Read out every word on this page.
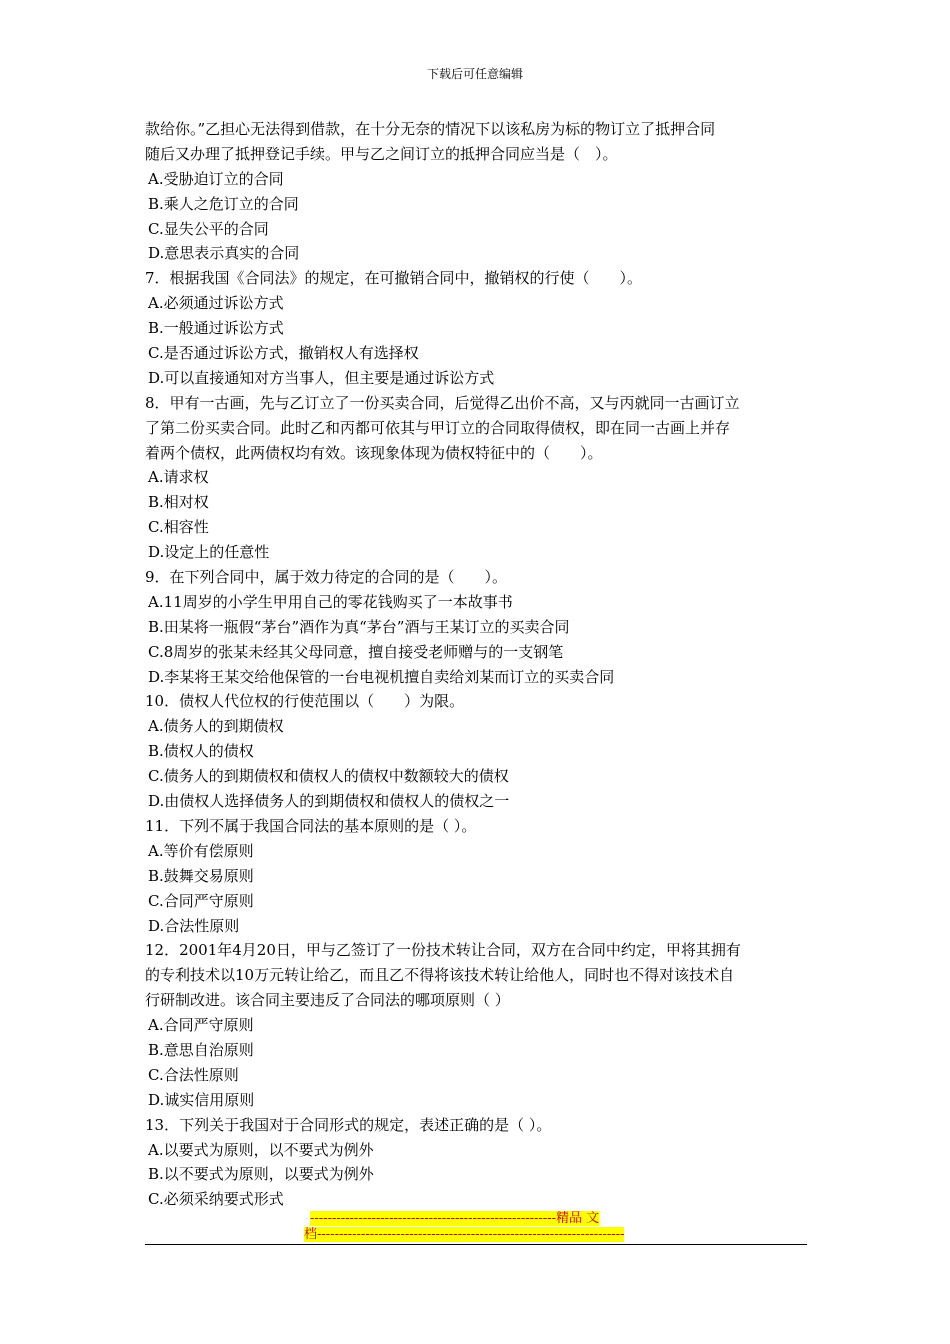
下载后可任意编辑
款给你。”乙担心无法得到借款，在十分无奈的情况下以该私房为标的物订立了抵押合同
随后又办理了抵押登记手续。甲与乙之间订立的抵押合同应当是（　）。
A.受胁迫订立的合同
B.乘人之危订立的合同
C.显失公平的合同
D.意思表示真实的合同
7．根据我国《合同法》的规定，在可撤销合同中，撤销权的行使（　　）。
A.必须通过诉讼方式
B.一般通过诉讼方式
C.是否通过诉讼方式，撤销权人有选择权
D.可以直接通知对方当事人，但主要是通过诉讼方式
8．甲有一古画，先与乙订立了一份买卖合同，后觉得乙出价不高，又与丙就同一古画订立
了第二份买卖合同。此时乙和丙都可依其与甲订立的合同取得债权，即在同一古画上并存
着两个债权，此两债权均有效。该现象体现为债权特征中的（　　）。
A.请求权
B.相对权
C.相容性
D.设定上的任意性
9．在下列合同中，属于效力待定的合同的是（　　）。
A.11周岁的小学生甲用自己的零花钱购买了一本故事书
B.田某将一瓶假“茅台”酒作为真“茅台”酒与王某订立的买卖合同
C.8周岁的张某未经其父母同意，擅自接受老师赠与的一支钢笔
D.李某将王某交给他保管的一台电视机擅自卖给刘某而订立的买卖合同
10．债权人代位权的行使范围以（　　）为限。
A.债务人的到期债权
B.债权人的债权
C.债务人的到期债权和债权人的债权中数额较大的债权
D.由债权人选择债务人的到期债权和债权人的债权之一
11．下列不属于我国合同法的基本原则的是（ ）。
A.等价有偿原则
B.鼓舞交易原则
C.合同严守原则
D.合法性原则
12．2001年4月20日，甲与乙签订了一份技术转让合同，双方在合同中约定，甲将其拥有
的专利技术以10万元转让给乙，而且乙不得将该技术转让给他人，同时也不得对该技术自
行研制改进。该合同主要违反了合同法的哪项原则（ ）
A.合同严守原则
B.意思自治原则
C.合法性原则
D.诚实信用原则
13．下列关于我国对于合同形式的规定，表述正确的是（ ）。
A.以要式为原则，以不要式为例外
B.以不要式为原则，以要式为例外
C.必须采纳要式形式
--------------------------------------------------------精品 文
档----------------------------------------------------------------------
